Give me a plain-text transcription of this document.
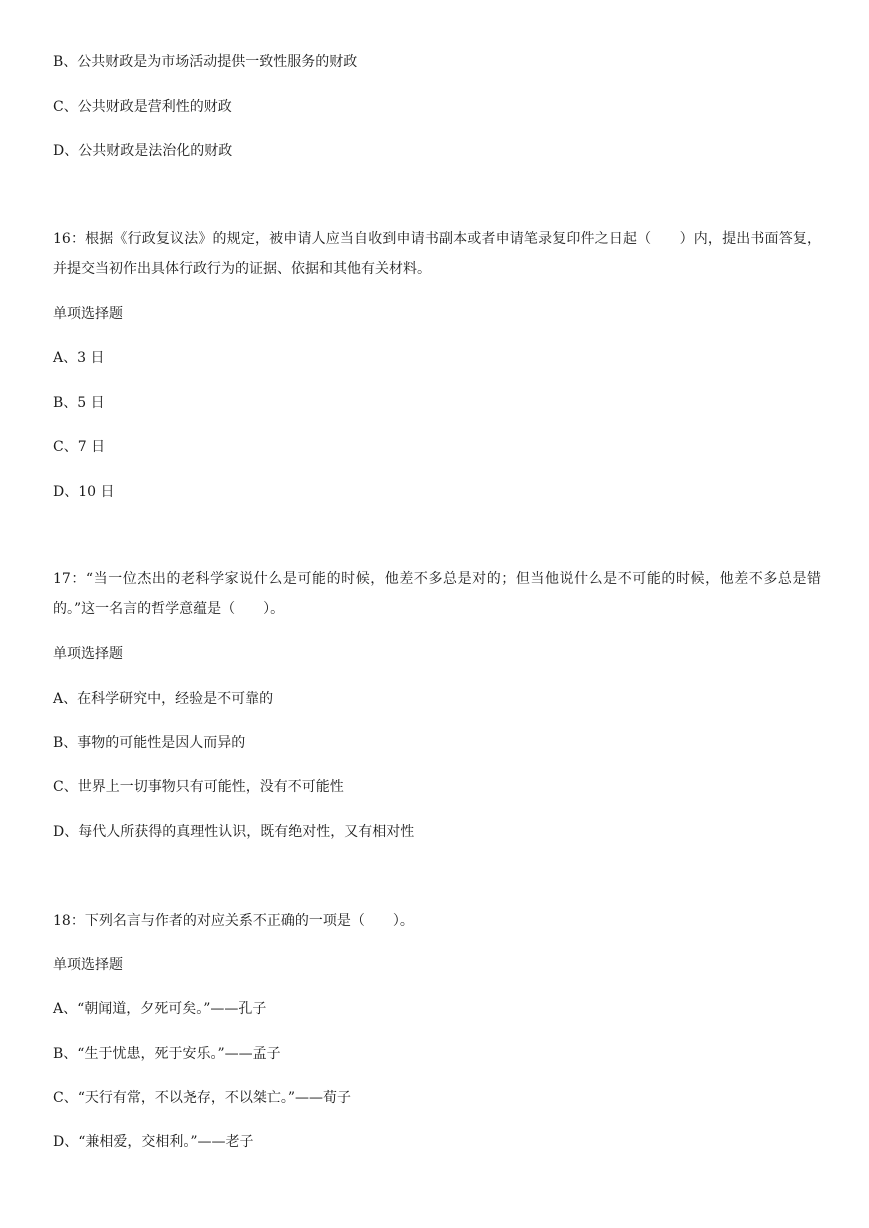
B、公共财政是为市场活动提供一致性服务的财政

C、公共财政是营利性的财政

D、公共财政是法治化的财政

16：根据《行政复议法》的规定，被申请人应当自收到申请书副本或者申请笔录复印件之日起（　　）内，提出书面答复，并提交当初作出具体行政行为的证据、依据和其他有关材料。

单项选择题

A、3 日

B、5 日

C、7 日

D、10 日

17：“当一位杰出的老科学家说什么是可能的时候，他差不多总是对的；但当他说什么是不可能的时候，他差不多总是错的。”这一名言的哲学意蕴是（　　）。

单项选择题

A、在科学研究中，经验是不可靠的

B、事物的可能性是因人而异的

C、世界上一切事物只有可能性，没有不可能性

D、每代人所获得的真理性认识，既有绝对性，又有相对性

18：下列名言与作者的对应关系不正确的一项是（　　）。

单项选择题

A、“朝闻道，夕死可矣。”——孔子

B、“生于忧患，死于安乐。”——孟子

C、“天行有常，不以尧存，不以桀亡。”——荀子

D、“兼相爱，交相利。”——老子
